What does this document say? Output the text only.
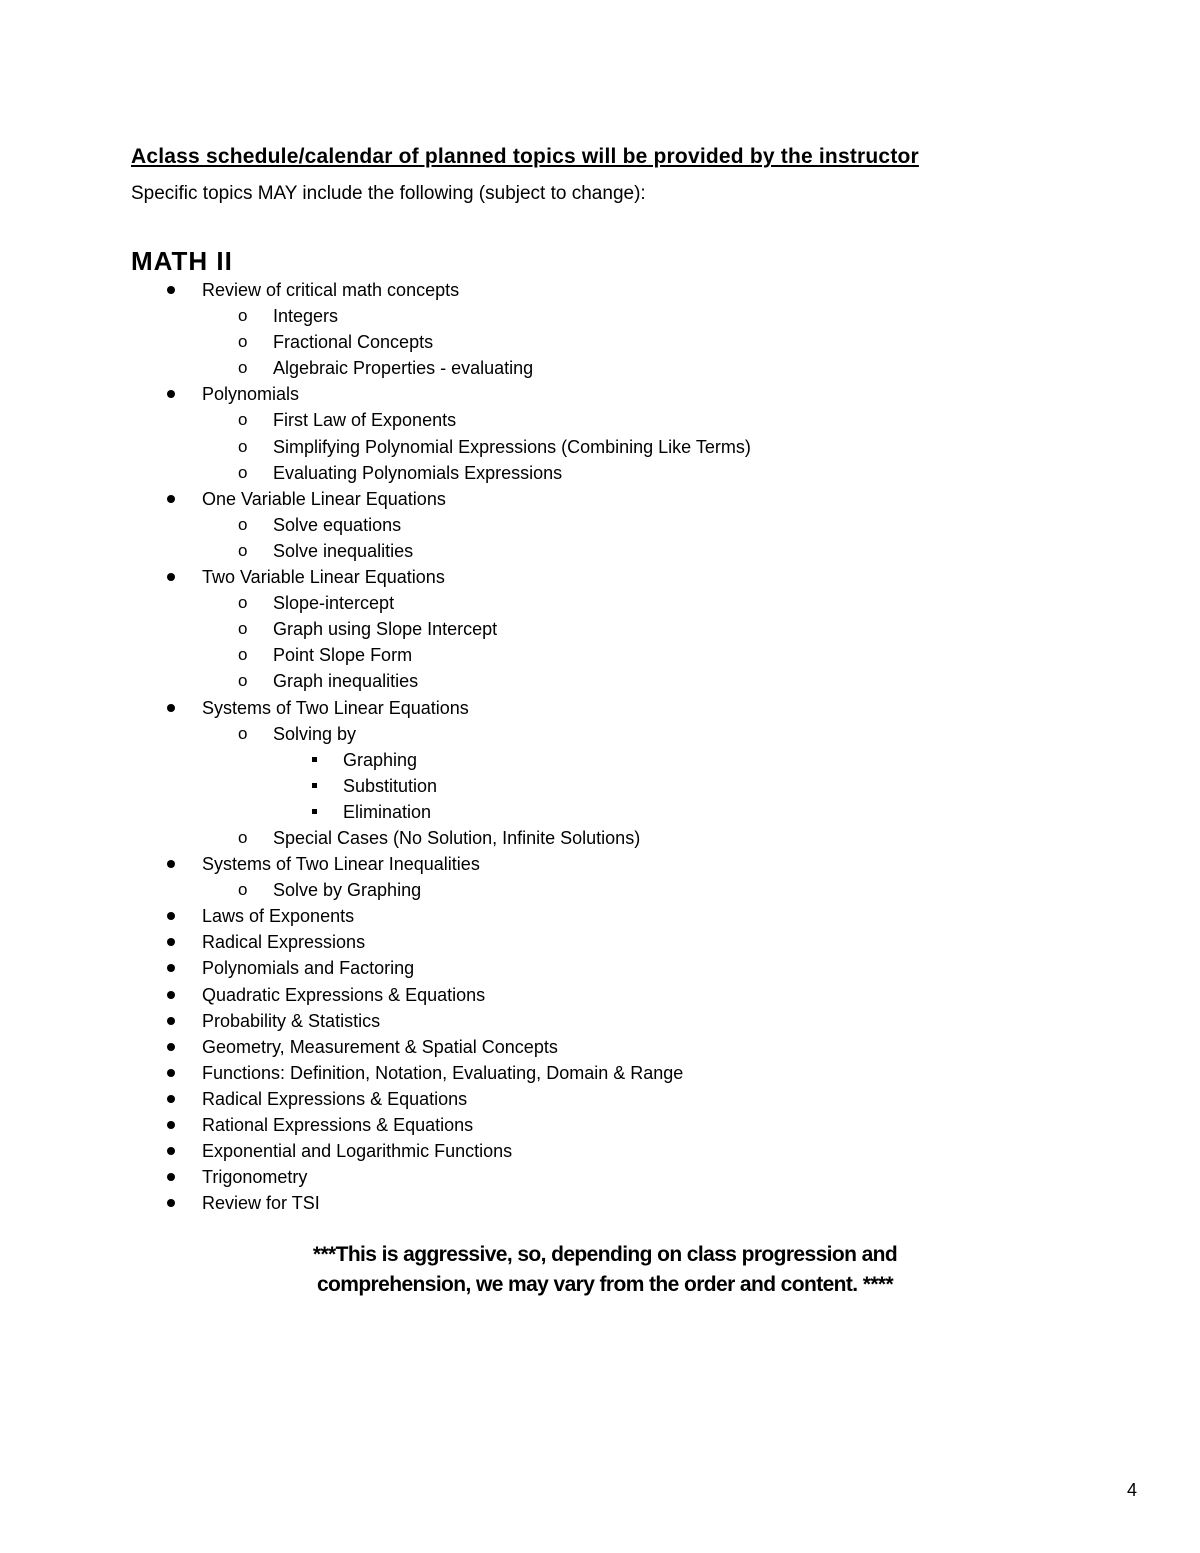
Aclass schedule/calendar of planned topics will be provided by the instructor
Specific topics MAY include the following (subject to change):
MATH II
Review of critical math concepts
o Integers
o Fractional Concepts
o Algebraic Properties - evaluating
Polynomials
o First Law of Exponents
o Simplifying Polynomial Expressions (Combining Like Terms)
o Evaluating Polynomials Expressions
One Variable Linear Equations
o Solve equations
o Solve inequalities
Two Variable Linear Equations
o Slope-intercept
o Graph using Slope Intercept
o Point Slope Form
o Graph inequalities
Systems of Two Linear Equations
o Solving by
Graphing
Substitution
Elimination
o Special Cases (No Solution, Infinite Solutions)
Systems of Two Linear Inequalities
o Solve by Graphing
Laws of Exponents
Radical Expressions
Polynomials and Factoring
Quadratic Expressions & Equations
Probability & Statistics
Geometry, Measurement & Spatial Concepts
Functions: Definition, Notation, Evaluating, Domain & Range
Radical Expressions & Equations
Rational Expressions & Equations
Exponential and Logarithmic Functions
Trigonometry
Review for TSI
***This is aggressive, so, depending on class progression and
comprehension, we may vary from the order and content. ****
4
